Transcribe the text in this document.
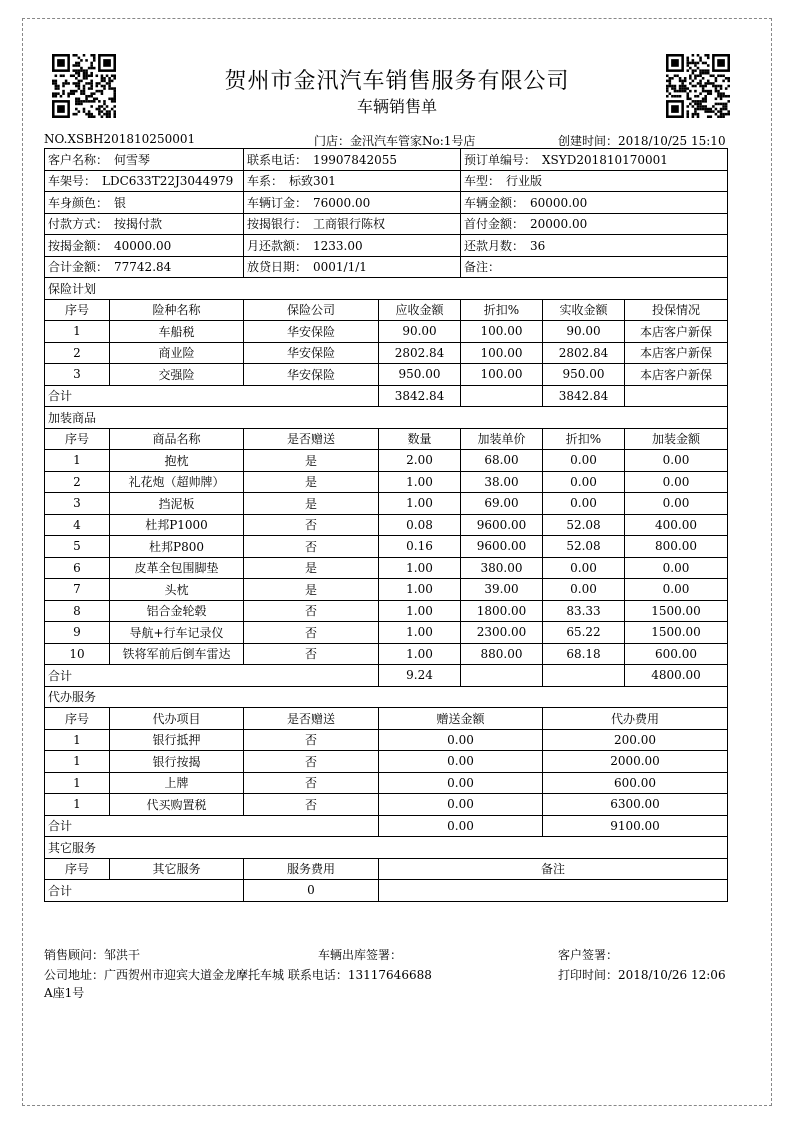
贺州市金汛汽车销售服务有限公司
车辆销售单
NO.XSBH201810250001	门店：金汛汽车管家No:1号店	创建时间：2018/10/25 15:10
客户名称： 何雪琴		联系电话： 19907842055		预订单编号： XSYD201810170001		
车架号： LDC633T22J3044979		车系： 标致301		车型： 行业版		
车身颜色： 银		车辆订金： 76000.00		车辆金额： 60000.00		
付款方式： 按揭付款		按揭银行： 工商银行陈权		首付金额： 20000.00		
按揭金额： 40000.00		月还款额： 1233.00		还款月数： 36		
合计金额： 77742.84		放贷日期： 0001/1/1		备注：		
保险计划						
序号	险种名称	保险公司	应收金额	折扣%	实收金额	投保情况
1	车船税	华安保险	90.00	100.00	90.00	本店客户新保
2	商业险	华安保险	2802.84	100.00	2802.84	本店客户新保
3	交强险	华安保险	950.00	100.00	950.00	本店客户新保
合计			3842.84		3842.84	
加装商品						
序号	商品名称	是否赠送	数量	加装单价	折扣%	加装金额
1	抱枕	是	2.00	68.00	0.00	0.00
2	礼花炮（超帅牌）	是	1.00	38.00	0.00	0.00
3	挡泥板	是	1.00	69.00	0.00	0.00
4	杜邦P1000	否	0.08	9600.00	52.08	400.00
5	杜邦P800	否	0.16	9600.00	52.08	800.00
6	皮革全包围脚垫	是	1.00	380.00	0.00	0.00
7	头枕	是	1.00	39.00	0.00	0.00
8	铝合金轮毂	否	1.00	1800.00	83.33	1500.00
9	导航+行车记录仪	否	1.00	2300.00	65.22	1500.00
10	铁将军前后倒车雷达	否	1.00	880.00	68.18	600.00
合计			9.24			4800.00
代办服务						
序号	代办项目	是否赠送	赠送金额		代办费用	
1	银行抵押	否	0.00		200.00	
1	银行按揭	否	0.00		2000.00	
1	上牌	否	0.00		600.00	
1	代买购置税	否	0.00		6300.00	
合计			0.00		9100.00	
其它服务						
序号	其它服务	服务费用	备注			
合计		0				
销售顾问：邹洪干	车辆出库签署：	客户签署：
公司地址：广西贺州市迎宾大道金龙摩托车城 联系电话：13117646688	打印时间：2018/10/26 12:06
A座1号
